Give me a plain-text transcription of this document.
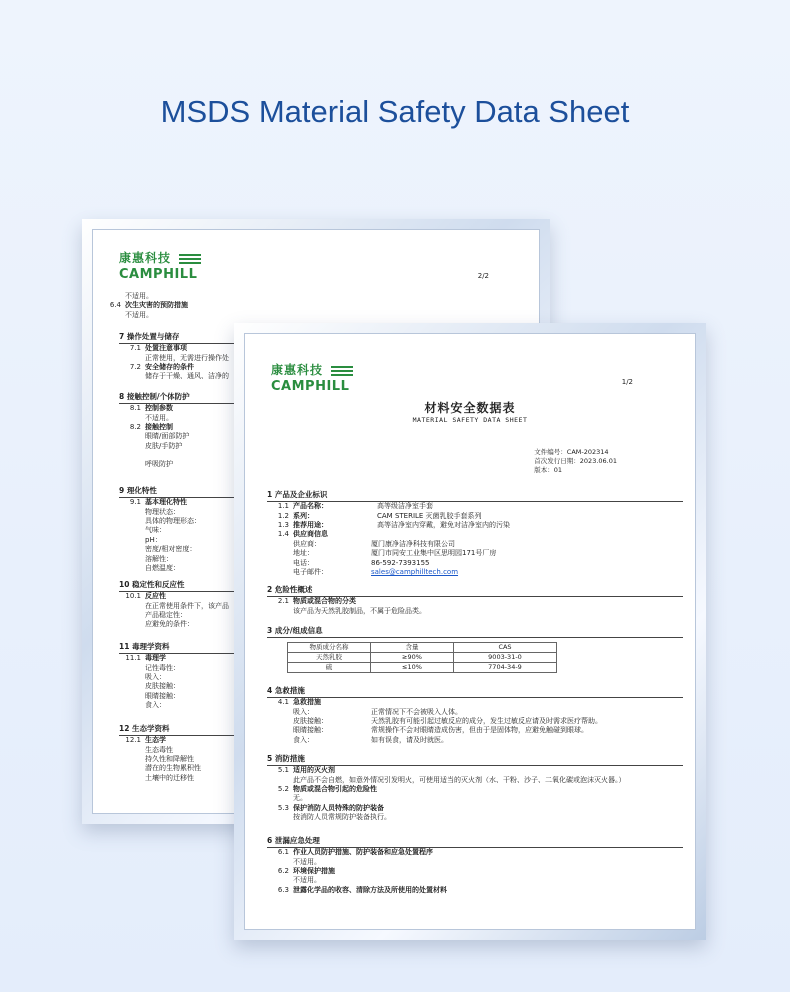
MSDS Material Safety Data Sheet
康惠科技
CAMPHILL	2/2
不适用。
6.4 次生灾害的预防措施
不适用。
7 操作处置与储存
7.1 处置注意事项
正常使用，无需进行操作处
7.2 安全储存的条件
储存于干燥、通风、洁净的
8 接触控制/个体防护
8.1 控制参数
不适用。
8.2 接触控制
眼睛/面部防护
皮肤/手防护
呼吸防护
9 理化特性
9.1 基本理化特性
物理状态：
具体的物理形态：
气味：
pH：
密度/相对密度：
溶解性：
自燃温度：
10 稳定性和反应性
10.1 反应性
在正常使用条件下，该产品
产品稳定性：
应避免的条件：
11 毒理学资料
11.1 毒理学
记性毒性：
吸入：
皮肤接触：
眼睛接触：
食入：
12 生态学资料
12.1 生态学
生态毒性
持久性和降解性
潜在的生物累积性
土壤中的迁移性
康惠科技
CAMPHILL	1/2
材料安全数据表
MATERIAL SAFETY DATA SHEET
文件编号：CAM-202314
首次发行日期：2023.06.01
版本：01
1 产品及企业标识
1.1 产品名称：	高等级洁净室手套
1.2 系列：	CAM STERILE 灭菌乳胶手套系列
1.3 推荐用途：	高等洁净室内穿戴，避免对洁净室内的污染
1.4 供应商信息
供应商：	厦门康净洁净科技有限公司
地址：	厦门市同安工业集中区思明园171号厂房
电话：	86-592-7393155
电子邮件：	sales@camphilltech.com
2 危险性概述
2.1 物质或混合物的分类
该产品为天然乳胶制品，不属于危险品类。
3 成分/组成信息
物质成分名称	含量	CAS
天然乳胶	≥90%	9003-31-0
硫	≤10%	7704-34-9
4 急救措施
4.1 急救措施
吸入：	正常情况下不会被吸入人体。
皮肤接触：	天然乳胶有可能引起过敏反应的成分，发生过敏反应请及时需求医疗帮助。
眼睛接触：	常规操作不会对眼睛造成伤害，但由于是固体物，应避免触碰到眼球。
食入：	如有误食，请及时就医。
5 消防措施
5.1 适用的灭火剂
此产品不会自燃，如意外情况引发明火，可使用适当的灭火剂（水、干粉、沙子、二氧化碳或泡沫灭火器。）
5.2 物质或混合物引起的危险性
无。
5.3 保护消防人员特殊的防护装备
按消防人员常规防护装备执行。
6 泄漏应急处理
6.1 作业人员防护措施、防护装备和应急处置程序
不适用。
6.2 环境保护措施
不适用。
6.3 泄露化学品的收容、清除方法及所使用的处置材料
